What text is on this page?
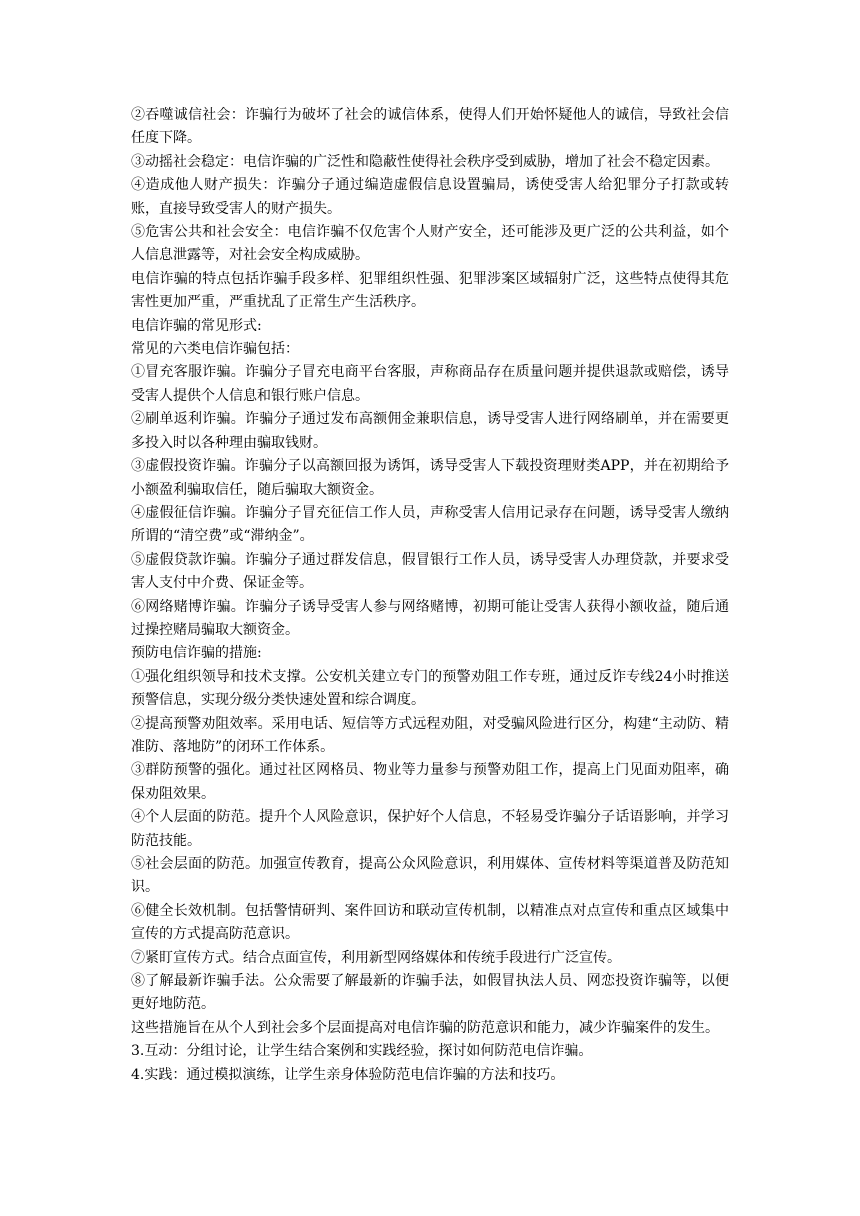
②吞噬诚信社会：诈骗行为破坏了社会的诚信体系，使得人们开始怀疑他人的诚信，导致社会信任度下降。

③动摇社会稳定：电信诈骗的广泛性和隐蔽性使得社会秩序受到威胁，增加了社会不稳定因素。

④造成他人财产损失：诈骗分子通过编造虚假信息设置骗局，诱使受害人给犯罪分子打款或转账，直接导致受害人的财产损失。

⑤危害公共和社会安全：电信诈骗不仅危害个人财产安全，还可能涉及更广泛的公共利益，如个人信息泄露等，对社会安全构成威胁。

电信诈骗的特点包括诈骗手段多样、犯罪组织性强、犯罪涉案区域辐射广泛，这些特点使得其危害性更加严重，严重扰乱了正常生产生活秩序。

电信诈骗的常见形式:

常见的六类电信诈骗包括：

①冒充客服诈骗。诈骗分子冒充电商平台客服，声称商品存在质量问题并提供退款或赔偿，诱导受害人提供个人信息和银行账户信息。

②刷单返利诈骗。诈骗分子通过发布高额佣金兼职信息，诱导受害人进行网络刷单，并在需要更多投入时以各种理由骗取钱财。

③虚假投资诈骗。诈骗分子以高额回报为诱饵，诱导受害人下载投资理财类APP，并在初期给予小额盈利骗取信任，随后骗取大额资金。

④虚假征信诈骗。诈骗分子冒充征信工作人员，声称受害人信用记录存在问题，诱导受害人缴纳所谓的“清空费”或“滞纳金”。

⑤虚假贷款诈骗。诈骗分子通过群发信息，假冒银行工作人员，诱导受害人办理贷款，并要求受害人支付中介费、保证金等。

⑥网络赌博诈骗。诈骗分子诱导受害人参与网络赌博，初期可能让受害人获得小额收益，随后通过操控赌局骗取大额资金。

预防电信诈骗的措施:

①强化组织领导和技术支撑。公安机关建立专门的预警劝阻工作专班，通过反诈专线24小时推送预警信息，实现分级分类快速处置和综合调度。

②提高预警劝阻效率。采用电话、短信等方式远程劝阻，对受骗风险进行区分，构建“主动防、精准防、落地防”的闭环工作体系。

③群防预警的强化。通过社区网格员、物业等力量参与预警劝阻工作，提高上门见面劝阻率，确保劝阻效果。

④个人层面的防范。提升个人风险意识，保护好个人信息，不轻易受诈骗分子话语影响，并学习防范技能。

⑤社会层面的防范。加强宣传教育，提高公众风险意识，利用媒体、宣传材料等渠道普及防范知识。

⑥健全长效机制。包括警情研判、案件回访和联动宣传机制，以精准点对点宣传和重点区域集中宣传的方式提高防范意识。

⑦紧盯宣传方式。结合点面宣传，利用新型网络媒体和传统手段进行广泛宣传。

⑧了解最新诈骗手法。公众需要了解最新的诈骗手法，如假冒执法人员、网恋投资诈骗等，以便更好地防范。

这些措施旨在从个人到社会多个层面提高对电信诈骗的防范意识和能力，减少诈骗案件的发生。

3.互动：分组讨论，让学生结合案例和实践经验，探讨如何防范电信诈骗。

4.实践：通过模拟演练，让学生亲身体验防范电信诈骗的方法和技巧。
